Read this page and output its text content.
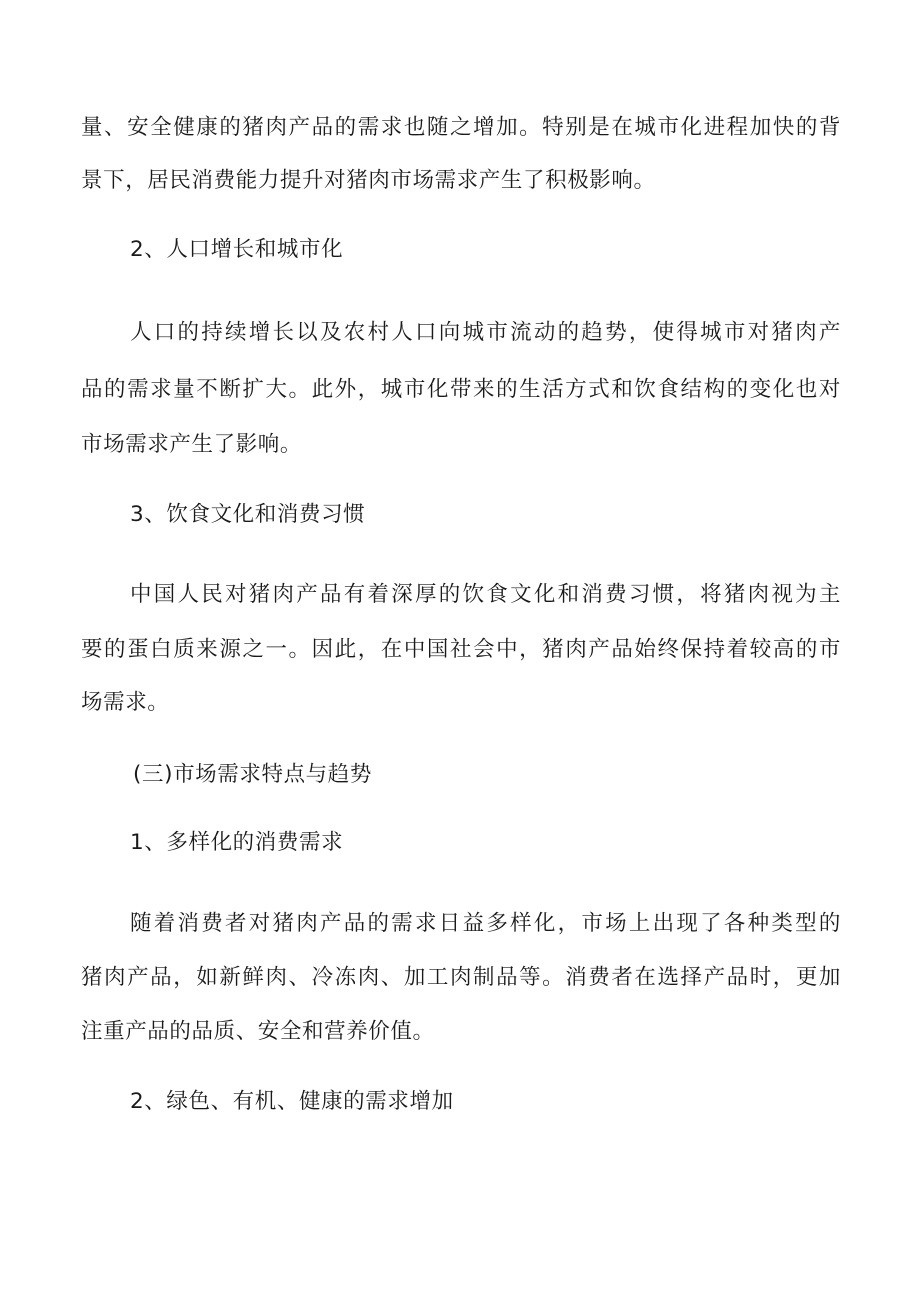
量、安全健康的猪肉产品的需求也随之增加。特别是在城市化进程加快的背
景下，居民消费能力提升对猪肉市场需求产生了积极影响。
2、人口增长和城市化
人口的持续增长以及农村人口向城市流动的趋势，使得城市对猪肉产
品的需求量不断扩大。此外，城市化带来的生活方式和饮食结构的变化也对
市场需求产生了影响。
3、饮食文化和消费习惯
中国人民对猪肉产品有着深厚的饮食文化和消费习惯，将猪肉视为主
要的蛋白质来源之一。因此，在中国社会中，猪肉产品始终保持着较高的市
场需求。
(三)市场需求特点与趋势
1、多样化的消费需求
随着消费者对猪肉产品的需求日益多样化，市场上出现了各种类型的
猪肉产品，如新鲜肉、冷冻肉、加工肉制品等。消费者在选择产品时，更加
注重产品的品质、安全和营养价值。
2、绿色、有机、健康的需求增加
